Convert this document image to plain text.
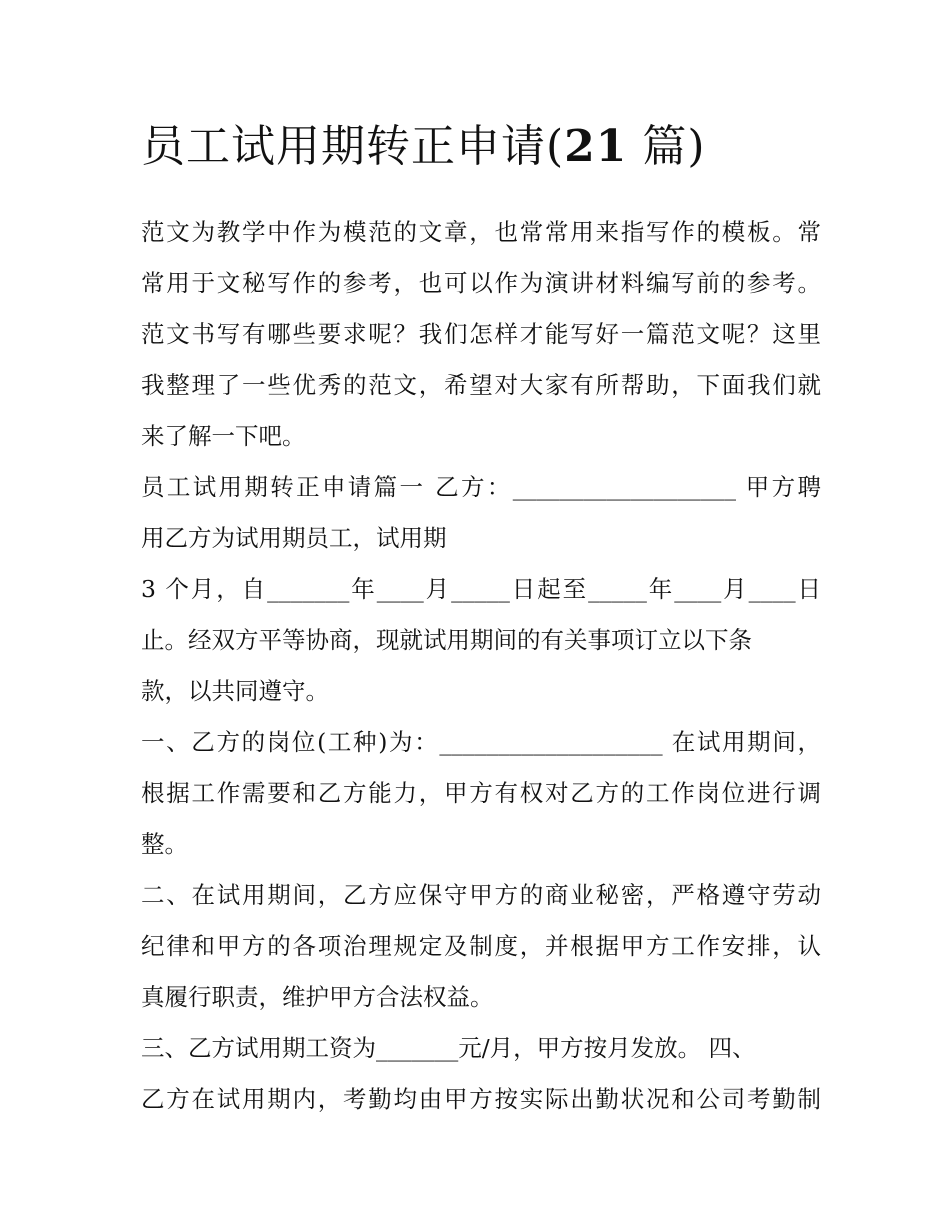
员工试用期转正申请(21 篇)
范文为教学中作为模范的文章，也常常用来指写作的模板。常
常用于文秘写作的参考，也可以作为演讲材料编写前的参考。
范文书写有哪些要求呢？我们怎样才能写好一篇范文呢？这里
我整理了一些优秀的范文，希望对大家有所帮助，下面我们就
来了解一下吧。
员工试用期转正申请篇一 乙方：___________________ 甲方聘
用乙方为试用期员工，试用期
3 个月，自_______年____月_____日起至_____年____月____日
止。经双方平等协商，现就试用期间的有关事项订立以下条
款，以共同遵守。
一、乙方的岗位(工种)为：___________________ 在试用期间，
根据工作需要和乙方能力，甲方有权对乙方的工作岗位进行调
整。
二、在试用期间，乙方应保守甲方的商业秘密，严格遵守劳动
纪律和甲方的各项治理规定及制度，并根据甲方工作安排，认
真履行职责，维护甲方合法权益。
三、乙方试用期工资为_______元/月，甲方按月发放。 四、
乙方在试用期内，考勤均由甲方按实际出勤状况和公司考勤制
